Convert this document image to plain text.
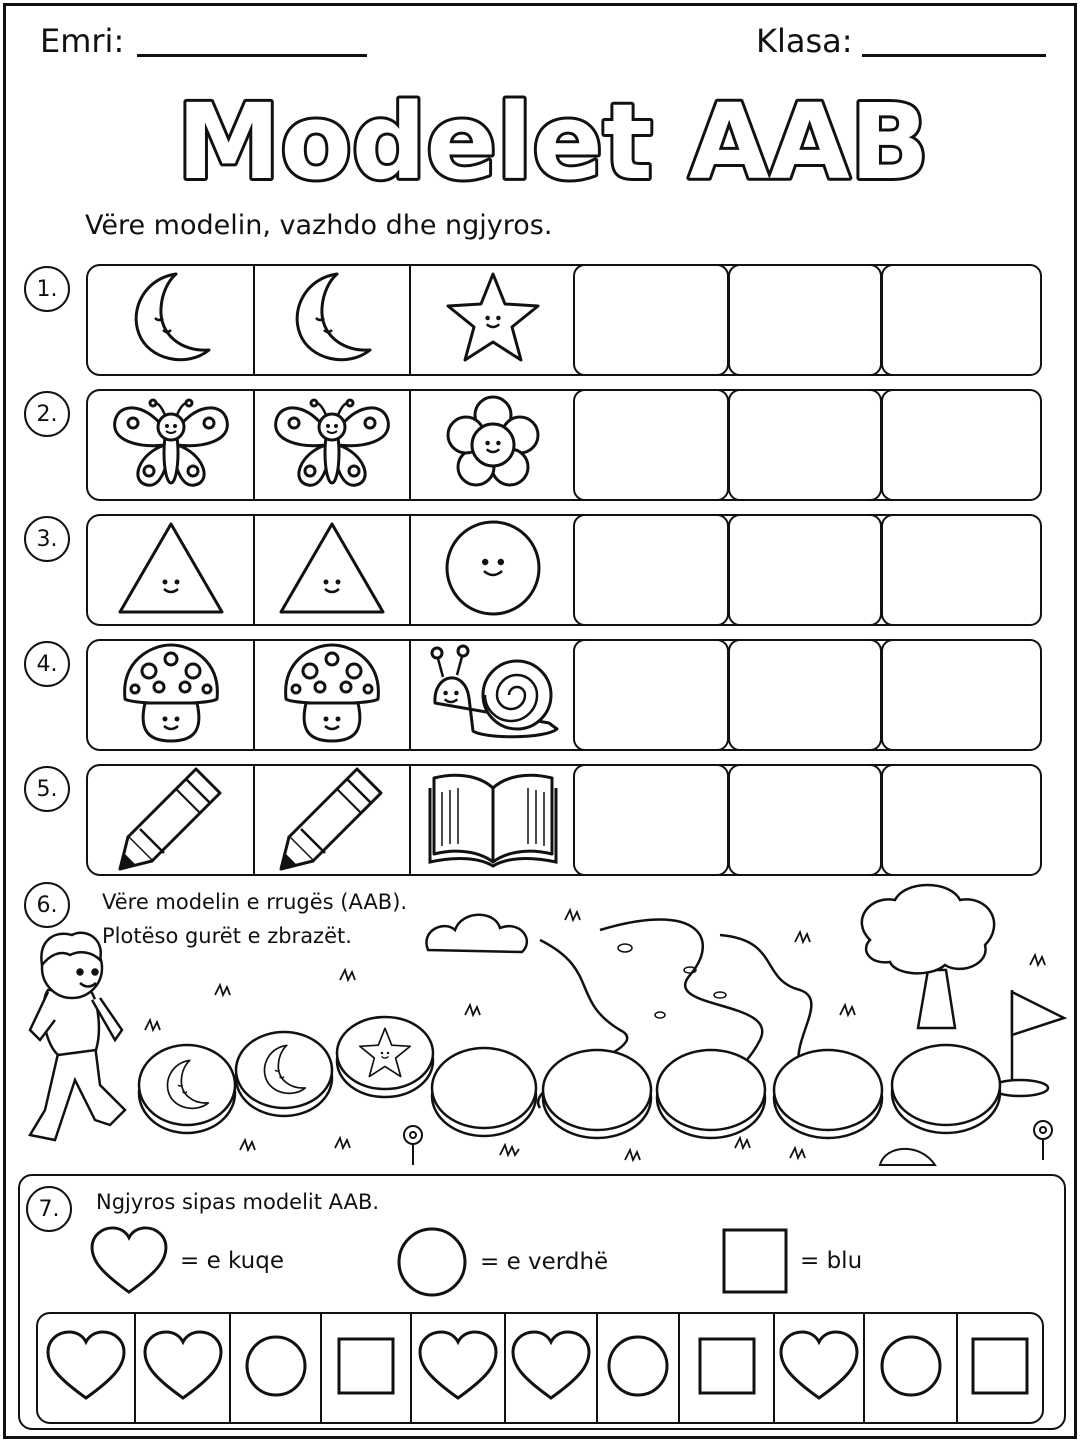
Emri:	Klasa:
Modelet AAB
Vëre modelin, vazhdo dhe ngjyros.
1.
2.
3.
4.
5.
6.	Vëre modelin e rrugës (AAB).
Plotëso gurët e zbrazët.
7.	Ngjyros sipas modelit AAB.
= e kuqe	= e verdhë	= blu
